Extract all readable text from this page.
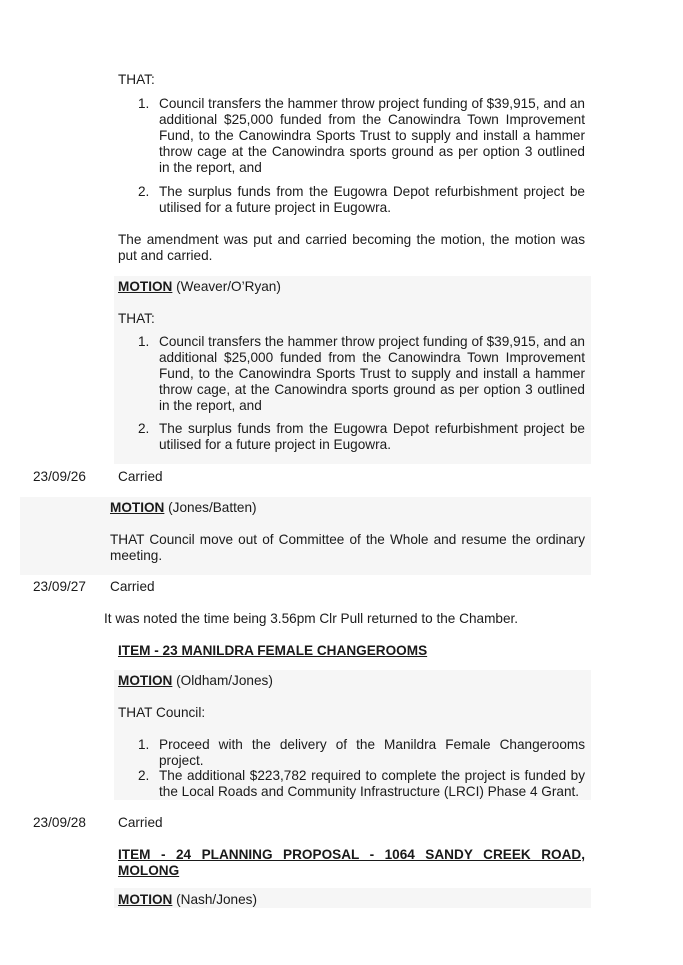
THAT:
1. Council transfers the hammer throw project funding of $39,915, and an additional $25,000 funded from the Canowindra Town Improvement Fund, to the Canowindra Sports Trust to supply and install a hammer throw cage at the Canowindra sports ground as per option 3 outlined in the report, and
2. The surplus funds from the Eugowra Depot refurbishment project be utilised for a future project in Eugowra.
The amendment was put and carried becoming the motion, the motion was put and carried.
MOTION (Weaver/O’Ryan)
THAT:
1. Council transfers the hammer throw project funding of $39,915, and an additional $25,000 funded from the Canowindra Town Improvement Fund, to the Canowindra Sports Trust to supply and install a hammer throw cage, at the Canowindra sports ground as per option 3 outlined in the report, and
2. The surplus funds from the Eugowra Depot refurbishment project be utilised for a future project in Eugowra.
23/09/26 Carried
MOTION (Jones/Batten)
THAT Council move out of Committee of the Whole and resume the ordinary meeting.
23/09/27 Carried
It was noted the time being 3.56pm Clr Pull returned to the Chamber.
ITEM - 23 MANILDRA FEMALE CHANGEROOMS
MOTION (Oldham/Jones)
THAT Council:
1. Proceed with the delivery of the Manildra Female Changerooms project.
2. The additional $223,782 required to complete the project is funded by the Local Roads and Community Infrastructure (LRCI) Phase 4 Grant.
23/09/28 Carried
ITEM - 24 PLANNING PROPOSAL - 1064 SANDY CREEK ROAD, MOLONG
MOTION (Nash/Jones)
